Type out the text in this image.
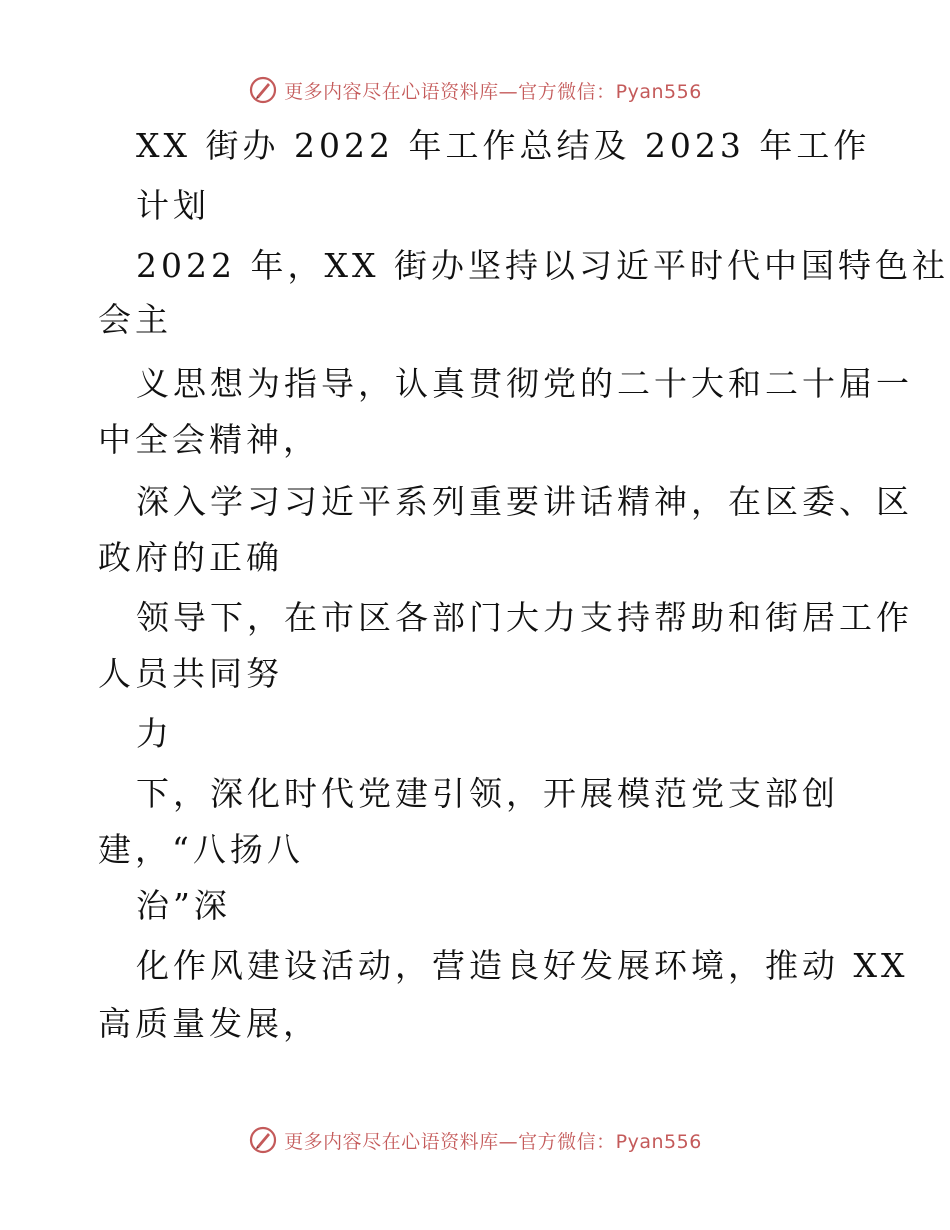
更多内容尽在心语资料库—官方微信：Pyan556
XX 街办 2022 年工作总结及 2023 年工作
计划
2022 年，XX 街办坚持以习近平时代中国特色社
会主
义思想为指导，认真贯彻党的二十大和二十届一
中全会精神，
深入学习习近平系列重要讲话精神，在区委、区
政府的正确
领导下，在市区各部门大力支持帮助和街居工作
人员共同努
力
下，深化时代党建引领，开展模范党支部创
建，“八扬八
治”深
化作风建设活动，营造良好发展环境，推动 XX
高质量发展，
更多内容尽在心语资料库—官方微信：Pyan556
